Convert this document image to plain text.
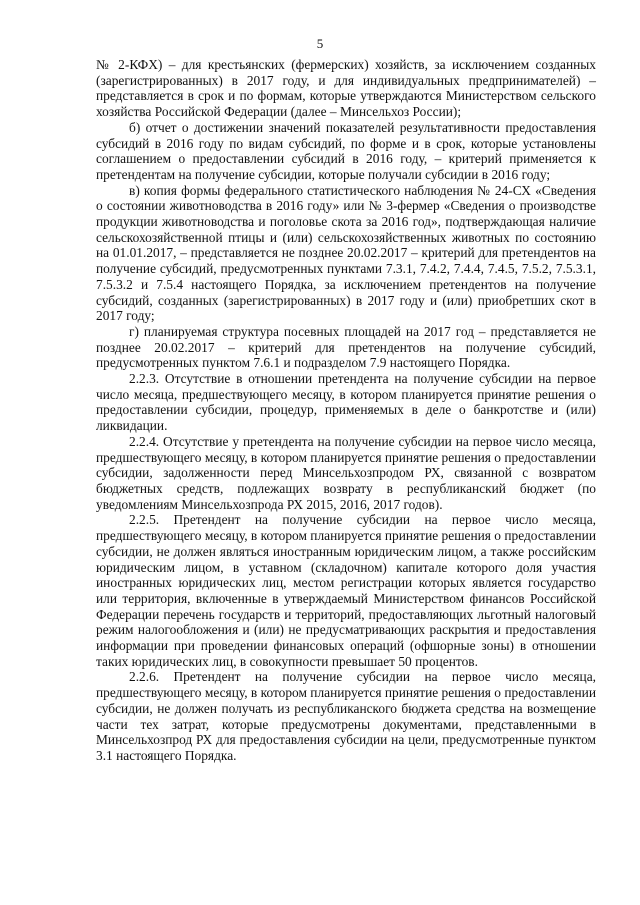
5

№ 2-КФХ) – для крестьянских (фермерских) хозяйств, за исключением созданных (зарегистрированных) в 2017 году, и для индивидуальных предпринимателей) – представляется в срок и по формам, которые утверждаются Министерством сельского хозяйства Российской Федерации (далее – Минсельхоз России);

б) отчет о достижении значений показателей результативности предоставления субсидий в 2016 году по видам субсидий, по форме и в срок, которые установлены соглашением о предоставлении субсидий в 2016 году, – критерий применяется к претендентам на получение субсидии, которые получали субсидии в 2016 году;

в) копия формы федерального статистического наблюдения № 24-СХ «Сведения о состоянии животноводства в 2016 году» или № 3-фермер «Сведения о производстве продукции животноводства и поголовье скота за 2016 год», подтверждающая наличие сельскохозяйственной птицы и (или) сельскохозяйственных животных по состоянию на 01.01.2017, – представляется не позднее 20.02.2017 – критерий для претендентов на получение субсидий, предусмотренных пунктами 7.3.1, 7.4.2, 7.4.4, 7.4.5, 7.5.2, 7.5.3.1, 7.5.3.2 и 7.5.4 настоящего Порядка, за исключением претендентов на получение субсидий, созданных (зарегистрированных) в 2017 году и (или) приобретших скот в 2017 году;

г) планируемая структура посевных площадей на 2017 год – представляется не позднее 20.02.2017 – критерий для претендентов на получение субсидий, предусмотренных пунктом 7.6.1 и подразделом 7.9 настоящего Порядка.

2.2.3. Отсутствие в отношении претендента на получение субсидии на первое число месяца, предшествующего месяцу, в котором планируется принятие решения о предоставлении субсидии, процедур, применяемых в деле о банкротстве и (или) ликвидации.

2.2.4. Отсутствие у претендента на получение субсидии на первое число месяца, предшествующего месяцу, в котором планируется принятие решения о предоставлении субсидии, задолженности перед Минсельхозпродом РХ, связанной с возвратом бюджетных средств, подлежащих возврату в республиканский бюджет (по уведомлениям Минсельхозпрода РХ 2015, 2016, 2017 годов).

2.2.5. Претендент на получение субсидии на первое число месяца, предшествующего месяцу, в котором планируется принятие решения о предоставлении субсидии, не должен являться иностранным юридическим лицом, а также российским юридическим лицом, в уставном (складочном) капитале которого доля участия иностранных юридических лиц, местом регистрации которых является государство или территория, включенные в утверждаемый Министерством финансов Российской Федерации перечень государств и территорий, предоставляющих льготный налоговый режим налогообложения и (или) не предусматривающих раскрытия и предоставления информации при проведении финансовых операций (офшорные зоны) в отношении таких юридических лиц, в совокупности превышает 50 процентов.

2.2.6. Претендент на получение субсидии на первое число месяца, предшествующего месяцу, в котором планируется принятие решения о предоставлении субсидии, не должен получать из республиканского бюджета средства на возмещение части тех затрат, которые предусмотрены документами, представленными в Минсельхозпрод РХ для предоставления субсидии на цели, предусмотренные пунктом 3.1 настоящего Порядка.
